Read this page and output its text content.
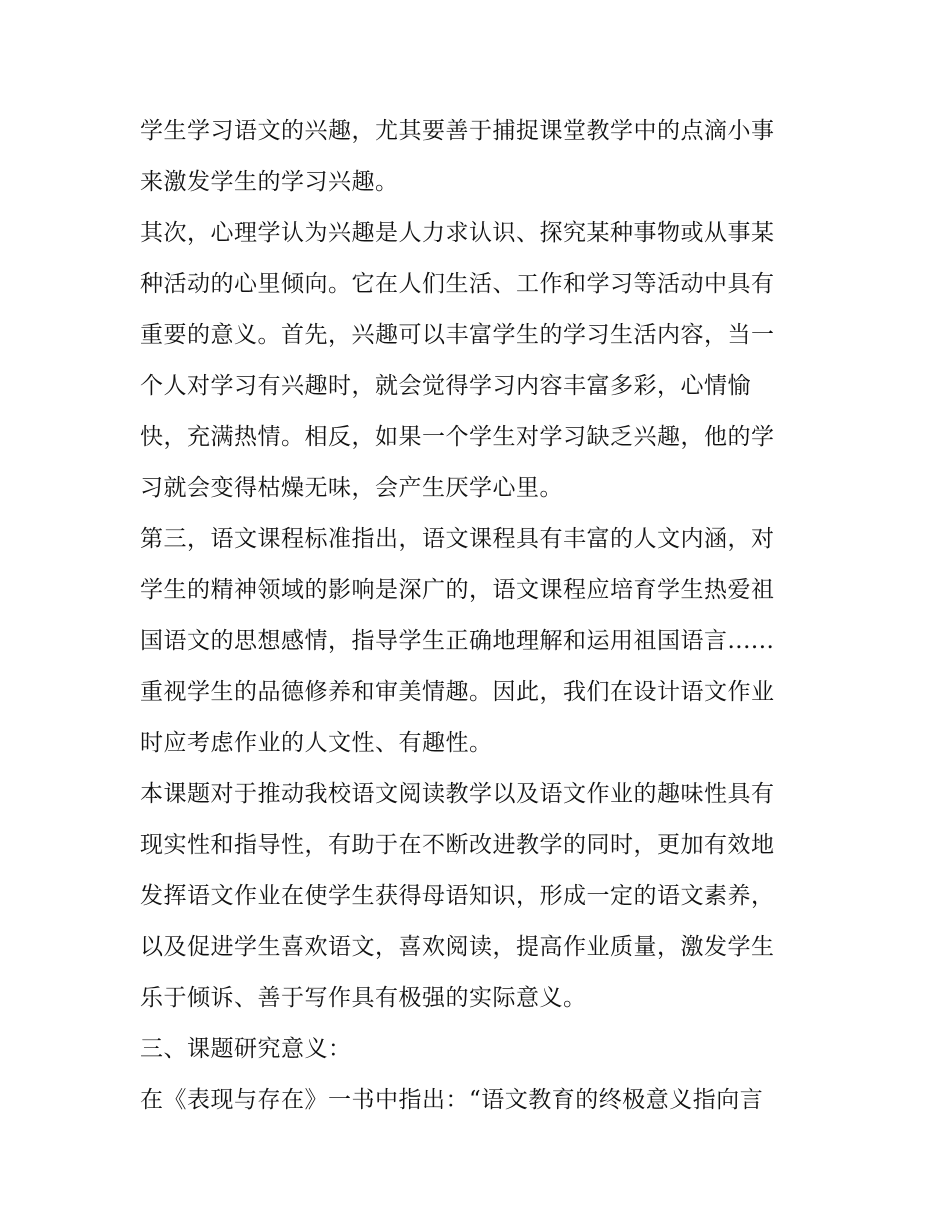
学生学习语文的兴趣，尤其要善于捕捉课堂教学中的点滴小事
来激发学生的学习兴趣。
其次，心理学认为兴趣是人力求认识、探究某种事物或从事某
种活动的心里倾向。它在人们生活、工作和学习等活动中具有
重要的意义。首先，兴趣可以丰富学生的学习生活内容，当一
个人对学习有兴趣时，就会觉得学习内容丰富多彩，心情愉
快，充满热情。相反，如果一个学生对学习缺乏兴趣，他的学
习就会变得枯燥无味，会产生厌学心里。
第三，语文课程标准指出，语文课程具有丰富的人文内涵，对
学生的精神领域的影响是深广的，语文课程应培育学生热爱祖
国语文的思想感情，指导学生正确地理解和运用祖国语言......
重视学生的品德修养和审美情趣。因此，我们在设计语文作业
时应考虑作业的人文性、有趣性。
本课题对于推动我校语文阅读教学以及语文作业的趣味性具有
现实性和指导性，有助于在不断改进教学的同时，更加有效地
发挥语文作业在使学生获得母语知识，形成一定的语文素养，
以及促进学生喜欢语文，喜欢阅读，提高作业质量，激发学生
乐于倾诉、善于写作具有极强的实际意义。
三、课题研究意义：
在《表现与存在》一书中指出：“语文教育的终极意义指向言
